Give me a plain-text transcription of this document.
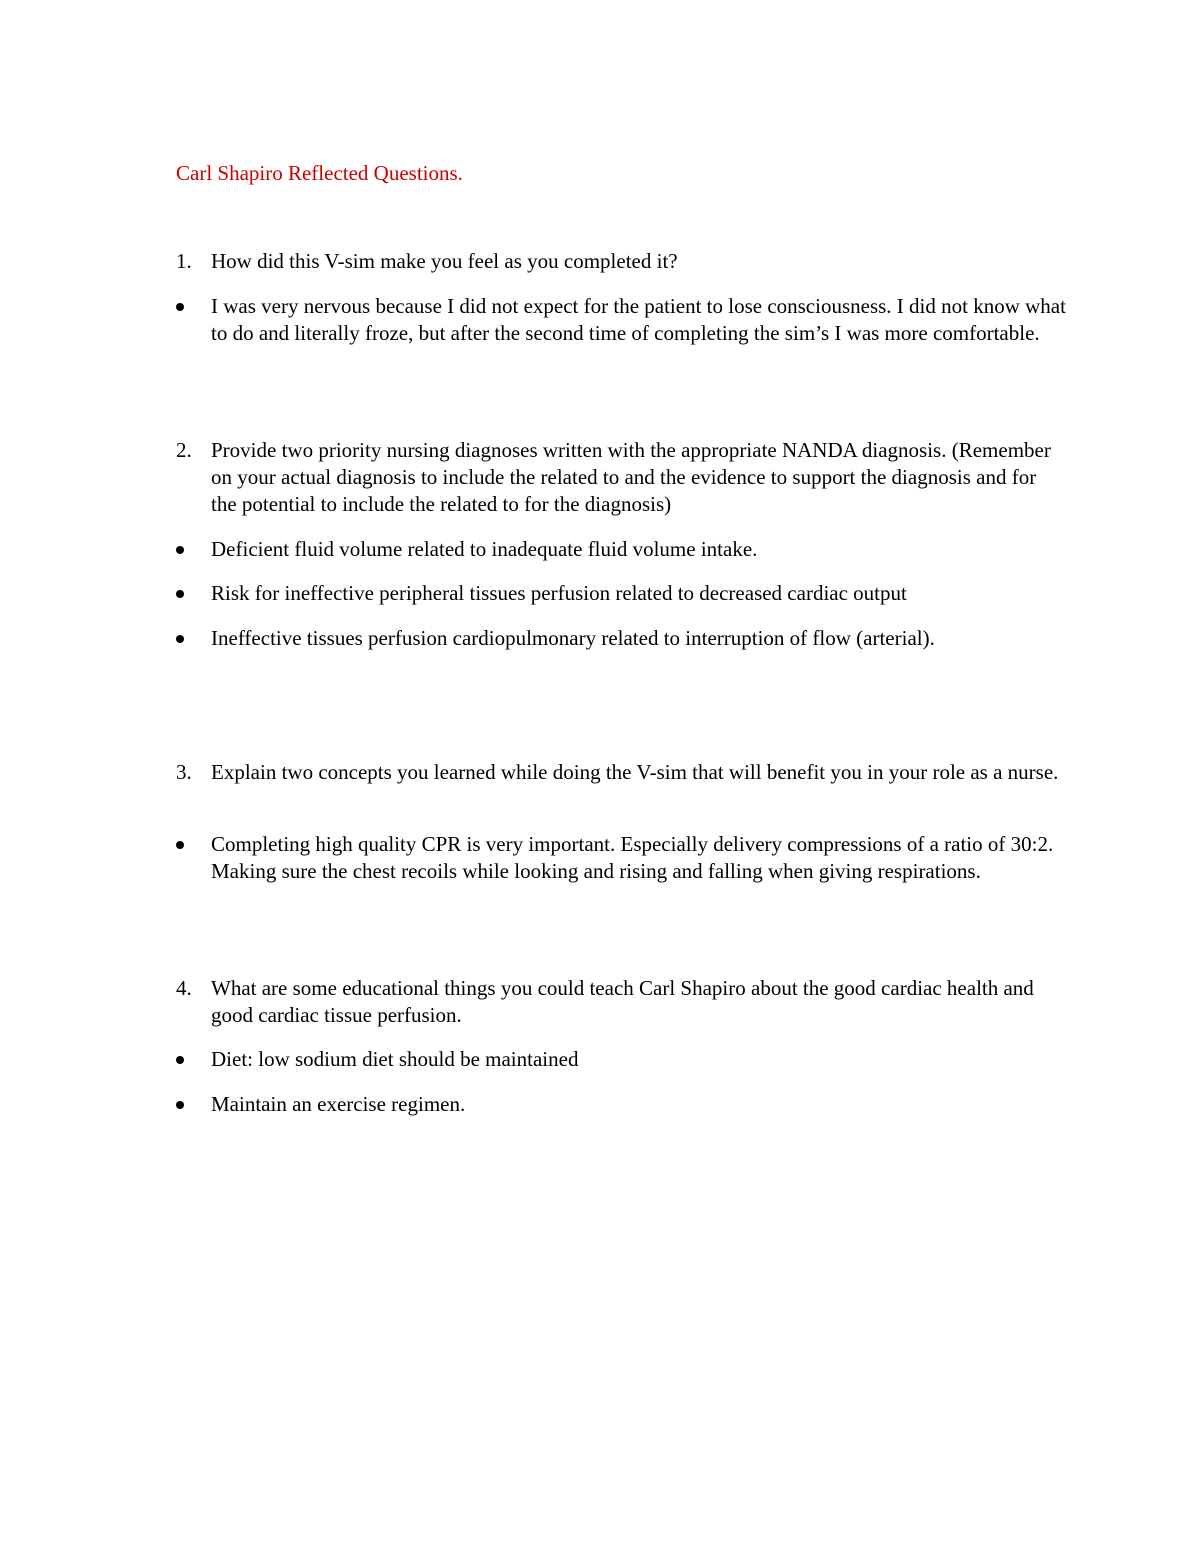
Carl Shapiro Reflected Questions.
1. How did this V-sim make you feel as you completed it?
I was very nervous because I did not expect for the patient to lose consciousness. I did not know what to do and literally froze, but after the second time of completing the sim’s I was more comfortable.
2. Provide two priority nursing diagnoses written with the appropriate NANDA diagnosis. (Remember on your actual diagnosis to include the related to and the evidence to support the diagnosis and for the potential to include the related to for the diagnosis)
Deficient fluid volume related to inadequate fluid volume intake.
Risk for ineffective peripheral tissues perfusion related to decreased cardiac output
Ineffective tissues perfusion cardiopulmonary related to interruption of flow (arterial).
3. Explain two concepts you learned while doing the V-sim that will benefit you in your role as a nurse.
Completing high quality CPR is very important. Especially delivery compressions of a ratio of 30:2. Making sure the chest recoils while looking and rising and falling when giving respirations.
4. What are some educational things you could teach Carl Shapiro about the good cardiac health and good cardiac tissue perfusion.
Diet: low sodium diet should be maintained
Maintain an exercise regimen.
